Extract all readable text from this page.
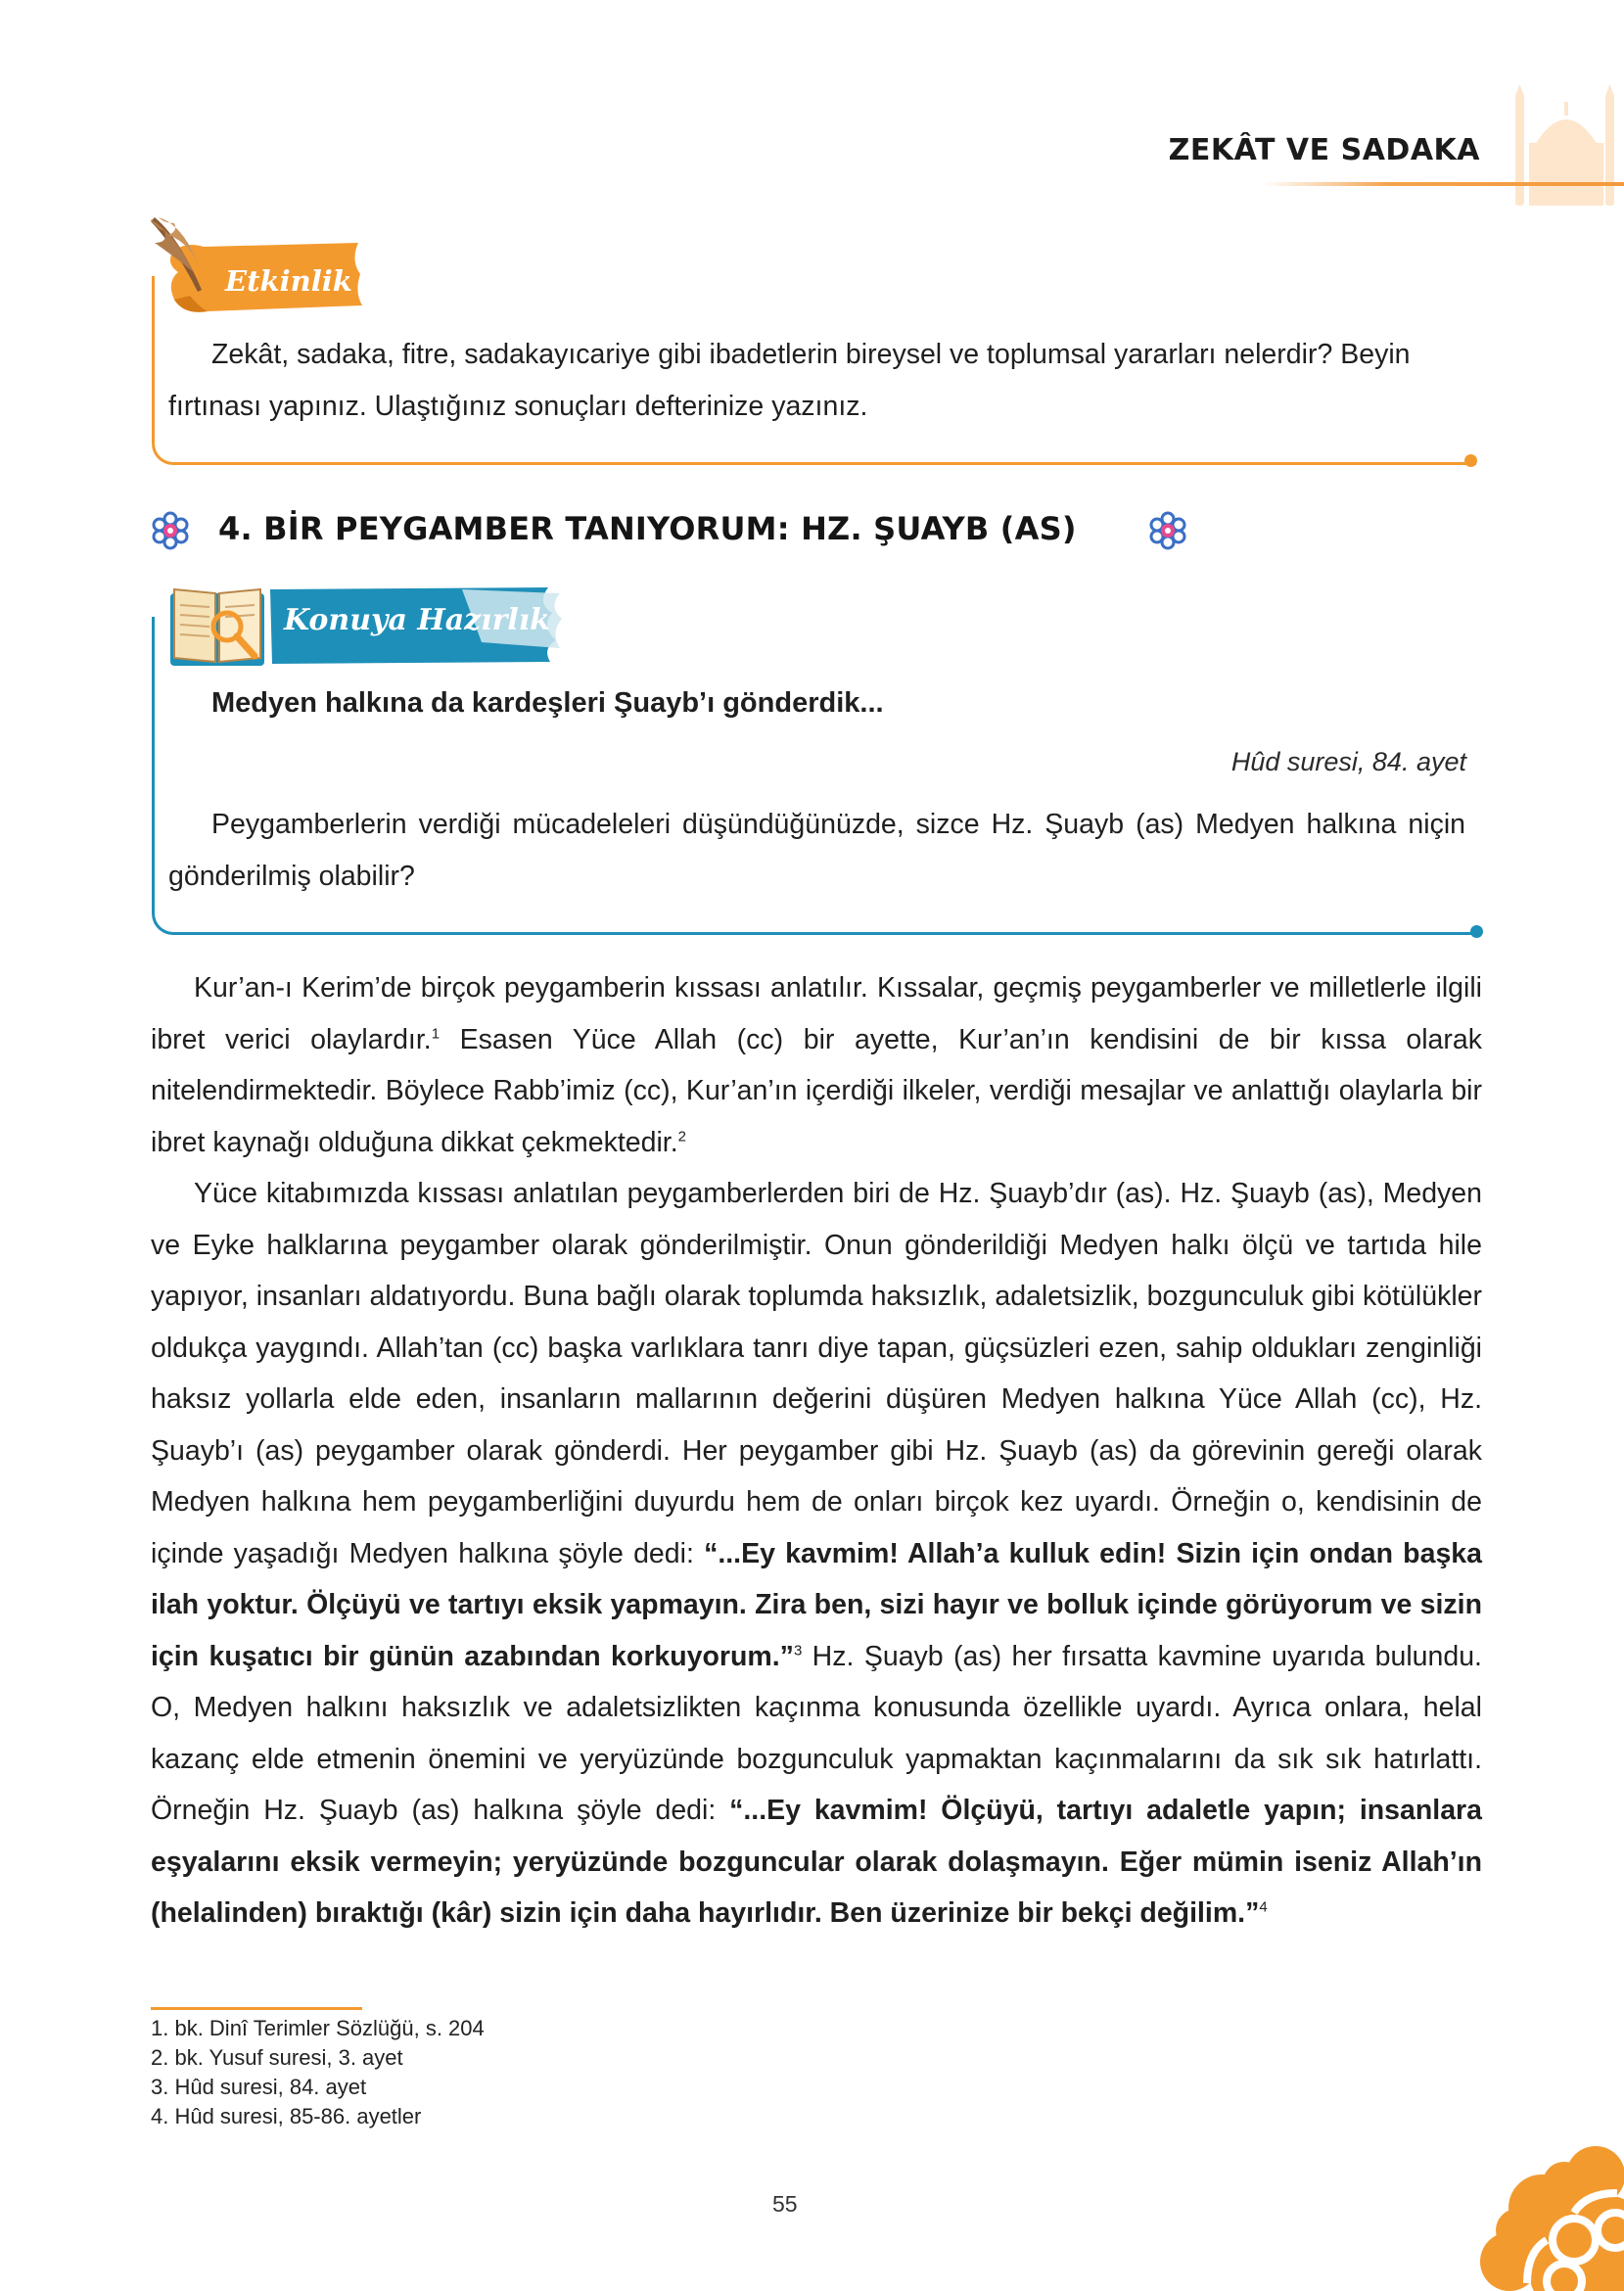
ZEKÂT VE SADAKA
Etkinlik
Zekât, sadaka, fitre, sadakayıcariye gibi ibadetlerin bireysel ve toplumsal yararları nelerdir? Beyin fırtınası yapınız. Ulaştığınız sonuçları defterinize yazınız.
4. BİR PEYGAMBER TANIYORUM: HZ. ŞUAYB (AS)
Konuya Hazırlık
Medyen halkına da kardeşleri Şuayb’ı gönderdik...
Hûd suresi, 84. ayet
Peygamberlerin verdiği mücadeleleri düşündüğünüzde, sizce Hz. Şuayb (as) Medyen halkına niçin gönderilmiş olabilir?

Kur’an-ı Kerim’de birçok peygamberin kıssası anlatılır. Kıssalar, geçmiş peygamberler ve milletlerle ilgili ibret verici olaylardır.$^1$ Esasen Yüce Allah (cc) bir ayette, Kur’an’ın kendisini de bir kıssa olarak nitelendirmektedir. Böylece Rabb’imiz (cc), Kur’an’ın içerdiği ilkeler, verdiği mesajlar ve anlattığı olaylarla bir ibret kaynağı olduğuna dikkat çekmektedir.$^2$

Yüce kitabımızda kıssası anlatılan peygamberlerden biri de Hz. Şuayb’dır (as). Hz. Şuayb (as), Medyen ve Eyke halklarına peygamber olarak gönderilmiştir. Onun gönderildiği Medyen halkı ölçü ve tartıda hile yapıyor, insanları aldatıyordu. Buna bağlı olarak toplumda haksızlık, adaletsizlik, bozgunculuk gibi kötülükler oldukça yaygındı. Allah’tan (cc) başka varlıklara tanrı diye tapan, güçsüzleri ezen, sahip oldukları zenginliği haksız yollarla elde eden, insanların mallarının değerini düşüren Medyen halkına Yüce Allah (cc), Hz. Şuayb’ı (as) peygamber olarak gönderdi. Her peygamber gibi Hz. Şuayb (as) da görevinin gereği olarak Medyen halkına hem peygamberliğini duyurdu hem de onları birçok kez uyardı. Örneğin o, kendisinin de içinde yaşadığı Medyen halkına şöyle dedi: “...Ey kavmim! Allah’a kulluk edin! Sizin için ondan başka ilah yoktur. Ölçüyü ve tartıyı eksik yapmayın. Zira ben, sizi hayır ve bolluk içinde görüyorum ve sizin için kuşatıcı bir günün azabından korkuyorum.”$^3$ Hz. Şuayb (as) her fırsatta kavmine uyarıda bulundu. O, Medyen halkını haksızlık ve adaletsizlikten kaçınma konusunda özellikle uyardı. Ayrıca onlara, helal kazanç elde etmenin önemini ve yeryüzünde bozgunculuk yapmaktan kaçınmalarını da sık sık hatırlattı. Örneğin Hz. Şuayb (as) halkına şöyle dedi: “...Ey kavmim! Ölçüyü, tartıyı adaletle yapın; insanlara eşyalarını eksik vermeyin; yeryüzünde bozguncular olarak dolaşmayın. Eğer mümin iseniz Allah’ın (helalinden) bıraktığı (kâr) sizin için daha hayırlıdır. Ben üzerinize bir bekçi değilim.”$^4$

1. bk. Dinî Terimler Sözlüğü, s. 204
2. bk. Yusuf suresi, 3. ayet
3. Hûd suresi, 84. ayet
4. Hûd suresi, 85-86. ayetler
55
